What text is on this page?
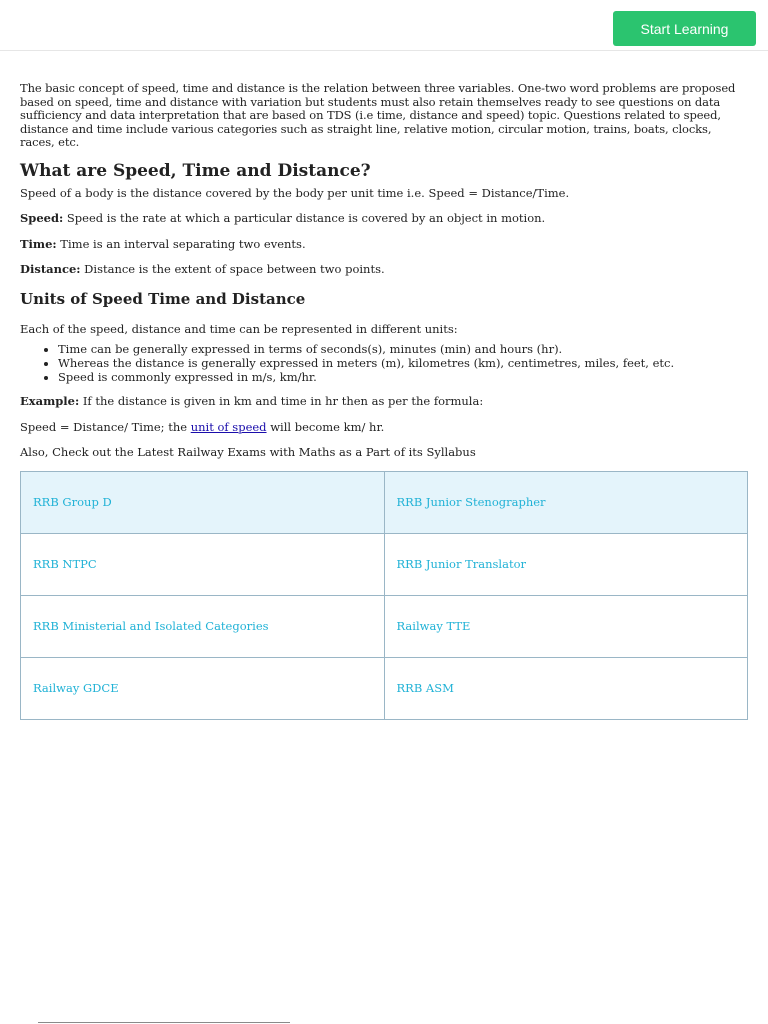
Start Learning

The basic concept of speed, time and distance is the relation between three variables. One-two word problems are proposed based on speed, time and distance with variation but students must also retain themselves ready to see questions on data sufficiency and data interpretation that are based on TDS (i.e time, distance and speed) topic. Questions related to speed, distance and time include various categories such as straight line, relative motion, circular motion, trains, boats, clocks, races, etc.

What are Speed, Time and Distance?

Speed of a body is the distance covered by the body per unit time i.e. Speed = Distance/Time.

Speed: Speed is the rate at which a particular distance is covered by an object in motion.

Time: Time is an interval separating two events.

Distance: Distance is the extent of space between two points.

Units of Speed Time and Distance

Each of the speed, distance and time can be represented in different units:

• Time can be generally expressed in terms of seconds(s), minutes (min) and hours (hr).
• Whereas the distance is generally expressed in meters (m), kilometres (km), centimetres, miles, feet, etc.
• Speed is commonly expressed in m/s, km/hr.

Example: If the distance is given in km and time in hr then as per the formula:

Speed = Distance/ Time; the unit of speed will become km/ hr.

Also, Check out the Latest Railway Exams with Maths as a Part of its Syllabus

RRB Group D	RRB Junior Stenographer
RRB NTPC	RRB Junior Translator
RRB Ministerial and Isolated Categories	Railway TTE
Railway GDCE	RRB ASM
